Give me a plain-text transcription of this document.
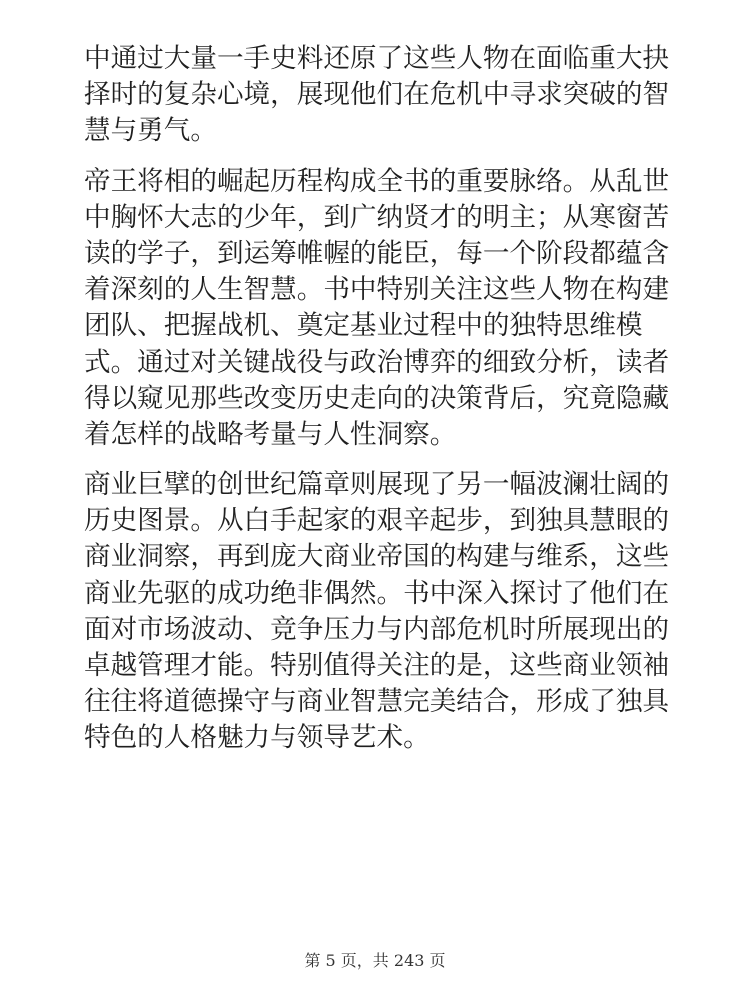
中通过大量一手史料还原了这些人物在面临重大抉
择时的复杂心境，展现他们在危机中寻求突破的智
慧与勇气。
帝王将相的崛起历程构成全书的重要脉络。从乱世
中胸怀大志的少年，到广纳贤才的明主；从寒窗苦
读的学子，到运筹帷幄的能臣，每一个阶段都蕴含
着深刻的人生智慧。书中特别关注这些人物在构建
团队、把握战机、奠定基业过程中的独特思维模
式。通过对关键战役与政治博弈的细致分析，读者
得以窥见那些改变历史走向的决策背后，究竟隐藏
着怎样的战略考量与人性洞察。
商业巨擘的创世纪篇章则展现了另一幅波澜壮阔的
历史图景。从白手起家的艰辛起步，到独具慧眼的
商业洞察，再到庞大商业帝国的构建与维系，这些
商业先驱的成功绝非偶然。书中深入探讨了他们在
面对市场波动、竞争压力与内部危机时所展现出的
卓越管理才能。特别值得关注的是，这些商业领袖
往往将道德操守与商业智慧完美结合，形成了独具
特色的人格魅力与领导艺术。
第 5 页，共 243 页
